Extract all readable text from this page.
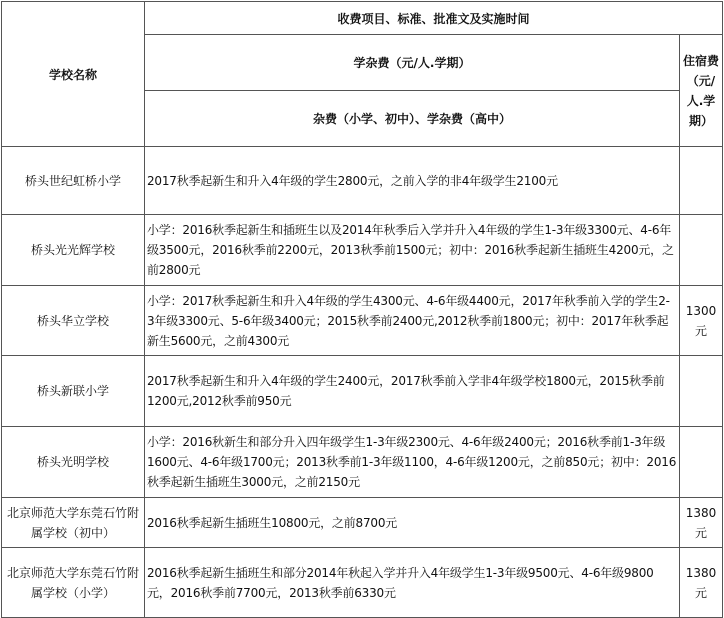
学校名称	收费项目、标准、批准文及实施时间	
	学杂费（元/人.学期）	住宿费（元/人.学期）
	杂费（小学、初中）、学杂费（高中）	
桥头世纪虹桥小学	2017秋季起新生和升入4年级的学生2800元，之前入学的非4年级学生2100元	
桥头光光辉学校	小学：2016秋季起新生和插班生以及2014年秋季后入学并升入4年级的学生1-3年级3300元、4-6年级3500元，2016秋季前2200元，2013秋季前1500元；初中：2016秋季起新生插班生4200元，之前2800元	
桥头华立学校	小学：2017秋季起新生和升入4年级的学生4300元、4-6年级4400元，2017年秋季前入学的学生2-3年级3300元、5-6年级3400元；2015秋季前2400元,2012秋季前1800元；初中：2017年秋季起新生5600元，之前4300元	1300元
桥头新联小学	2017秋季起新生和升入4年级的学生2400元，2017秋季前入学非4年级学校1800元，2015秋季前1200元,2012秋季前950元	
桥头光明学校	小学：2016秋新生和部分升入四年级学生1-3年级2300元、4-6年级2400元；2016秋季前1-3年级1600元、4-6年级1700元；2013秋季前1-3年级1100，4-6年级1200元，之前850元；初中：2016秋季起新生插班生3000元，之前2150元	
北京师范大学东莞石竹附属学校（初中）	2016秋季起新生插班生10800元，之前8700元	1380元
北京师范大学东莞石竹附属学校（小学）	2016秋季起新生插班生和部分2014年秋起入学并升入4年级学生1-3年级9500元、4-6年级9800元，2016秋季前7700元，2013秋季前6330元	1380元
